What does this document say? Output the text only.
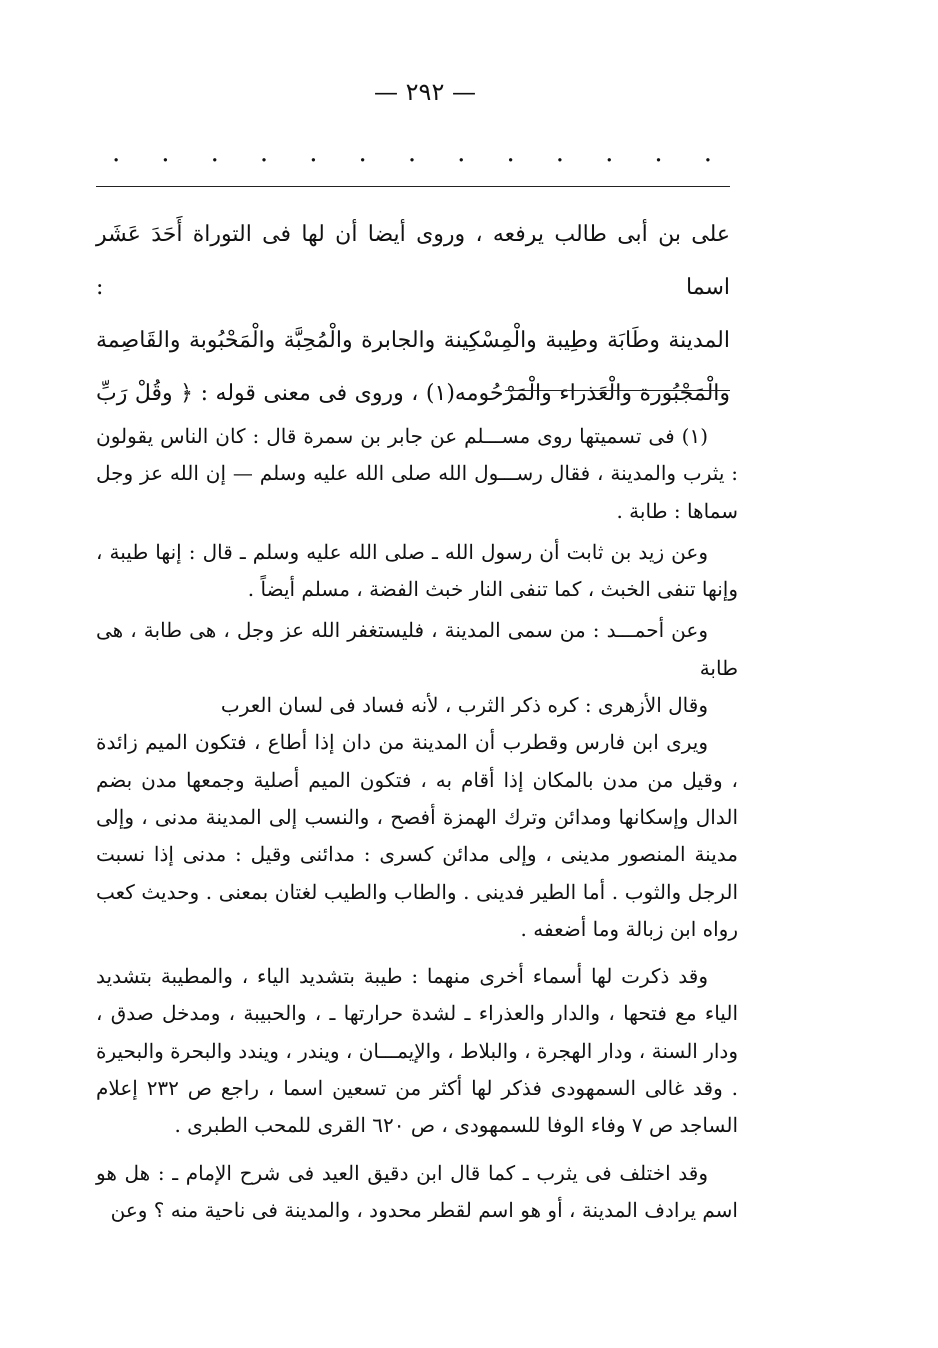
— ٢٩٢ —
. . . . . . . . . . . . .

على بن أبى طالب يرفعه ، وروى أيضا أن لها فى التوراة أَحَدَ عَشَر اسما :

المدينة وطَابَة وطِيبة والْمِسْكِينة والجابرة والْمُحِبَّة والْمَحْبُوبة والقَاصِمة

والْمَجْبُورة والْعَذراء والْمَرْحُومه(١) ، وروى فى معنى قوله : ﴿ وقُلْ رَبِّ

(١) فى تسميتها روى مســـلم عن جابر بن سمرة قال : كان الناس يقولون : يثرب والمدينة ، فقال رســـول الله صلى الله عليه وسلم — إن الله عز وجل سماها : طابة .

وعن زيد بن ثابت أن رسول الله ـ صلى الله عليه وسلم ـ قال : إنها طيبة ، وإنها تنفى الخبث ، كما تنفى النار خبث الفضة ، مسلم أيضاً .

وعن أحمـــد : من سمى المدينة ، فليستغفر الله عز وجل ، هى طابة ، هى طابة

وقال الأزهرى : كره ذكر الثرب ، لأنه فساد فى لسان العرب

ويرى ابن فارس وقطرب أن المدينة من دان إذا أطاع ، فتكون الميم زائدة ، وقيل من مدن بالمكان إذا أقام به ، فتكون الميم أصلية وجمعها مدن بضم الدال وإسكانها ومدائن وترك الهمزة أفصح ، والنسب إلى المدينة مدنى ، وإلى مدينة المنصور مدينى ، وإلى مدائن كسرى : مدائنى وقيل : مدنى إذا نسبت الرجل والثوب . أما الطير فدينى . والطاب والطيب لغتان بمعنى . وحديث كعب رواه ابن زبالة وما أضعفه .

وقد ذكرت لها أسماء أخرى منهما : طيبة بتشديد الياء ، والمطيبة بتشديد الياء مع فتحها ، والدار والعذراء ـ لشدة حرارتها ـ ، والحبيبة ، ومدخل صدق ، ودار السنة ، ودار الهجرة ، والبلاط ، والإيمـــان ، ويندر ، ويندد والبحرة والبحيرة . وقد غالى السمهودى فذكر لها أكثر من تسعين اسما ، راجع ص ٢٣٢ إعلام الساجد ص ٧ وفاء الوفا للسمهودى ، ص ٦٢٠ القرى للمحب الطبرى .

وقد اختلف فى يثرب ـ كما قال ابن دقيق العيد فى شرح الإمام ـ : هل هو اسم يرادف المدينة ، أو هو اسم لقطر محدود ، والمدينة فى ناحية منه ؟ وعن
